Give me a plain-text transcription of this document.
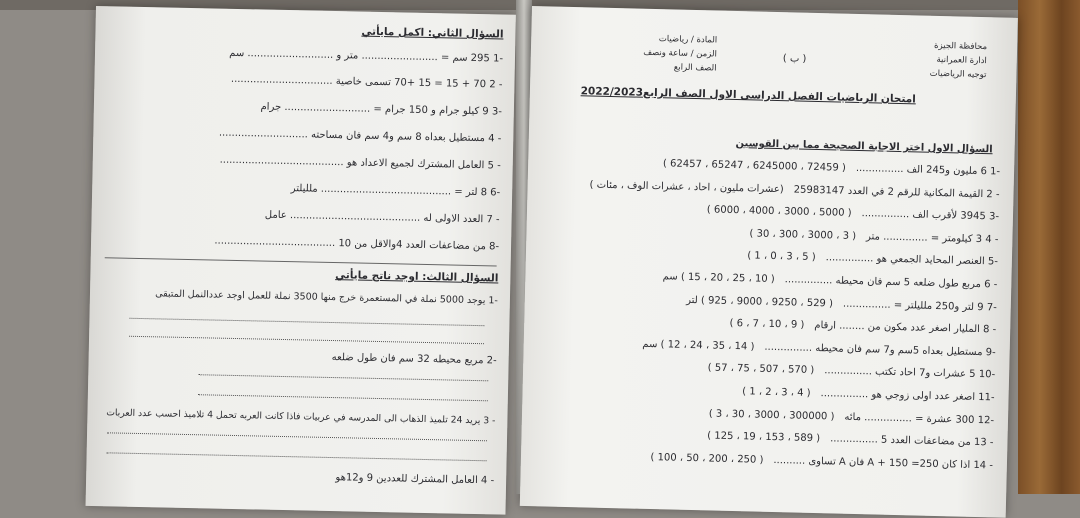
السؤال الثاني: اكمل مايأتي
-1 295 سم = ........................ متر و ........................... سم
- 2 70 + 15 = 15 +70 تسمى خاصية ................................
-3 9 كيلو جرام و 150 جرام = ........................... جرام
- 4 مستطيل بعداه 8 سم و4 سم فان مساحته ............................
- 5 العامل المشترك لجميع الاعداد هو .......................................
-6 8 لتر = ......................................... ملليلتر
- 7 العدد الاولى له ......................................... عامل
-8 من مضاعفات العدد 4والاقل من 10 ......................................
السؤال الثالث: اوجد ناتج مايأتي
-1 يوجد 5000 نملة في المستعمرة خرج منها 3500 نملة للعمل اوجد عددالنمل المتبقى
-2 مربع محيطه 32 سم فان طول ضلعه
- 3 يريد 24 تلميذ الذهاب الى المدرسه في عربيات فاذا كانت العربه تحمل 4 تلاميذ احسب عدد العربات
- 4 العامل المشترك للعددين 9 و12هو
محافظة الجيزة
ادارة العمرانية
توجيه الرياضيات
( ب )
المادة / رياضيات
الزمن / ساعة ونصف
الصف الرابع
امتحان الرياضيات الفصل الدراسى الاول الصف الرابع2022/2023
السؤال الاول اختر الاجابة الصحيحة مما بين القوسين
-1 6 مليون و245 الف ...............( 72459 ، 6245000 ، 65247 ، 62457 )
- 2 القيمة المكانية للرقم 2 في العدد 25983147(عشرات مليون ، احاد ، عشرات الوف ، مئات )
-3 3945 لأقرب الف ...............( 5000 ، 3000 ، 4000 ، 6000 )
- 4 3 كيلومتر = .............. متر( 3 ، 3000 ، 300 ، 30 )
-5 العنصر المحايد الجمعي هو ...............( 5 ، 3 ، 0 ، 1 )
- 6 مربع طول ضلعه 5 سم فان محيطه ...............( 10 ، 25 ، 20 ، 15 ) سم
-7 9 لتر و250 ملليلتر = ...............( 529 ، 9250 ، 9000 ، 925 ) لتر
- 8 المليار اصغر عدد مكون من ........ ارقام( 9 ، 10 ، 7 ، 6 )
-9 مستطيل بعداه 5سم و7 سم فان محيطه ...............( 14 ، 35 ، 24 ، 12 ) سم
-10 5 عشرات و7 احاد تكتب ...............( 570 ، 507 ، 75 ، 57 )
-11 اصغر عدد اولى زوجي هو ...............( 4 ، 3 ، 2 ، 1 )
-12 300 عشرة = ............... مائه( 300000 ، 3000 ، 30 ، 3 )
- 13 من مضاعفات العدد 5 ...............( 589 ، 153 ، 19 ، 125 )
- 14 اذا كان 250= 150 + A فان A تساوى ..........( 250 ، 200 ، 50 ، 100 )
